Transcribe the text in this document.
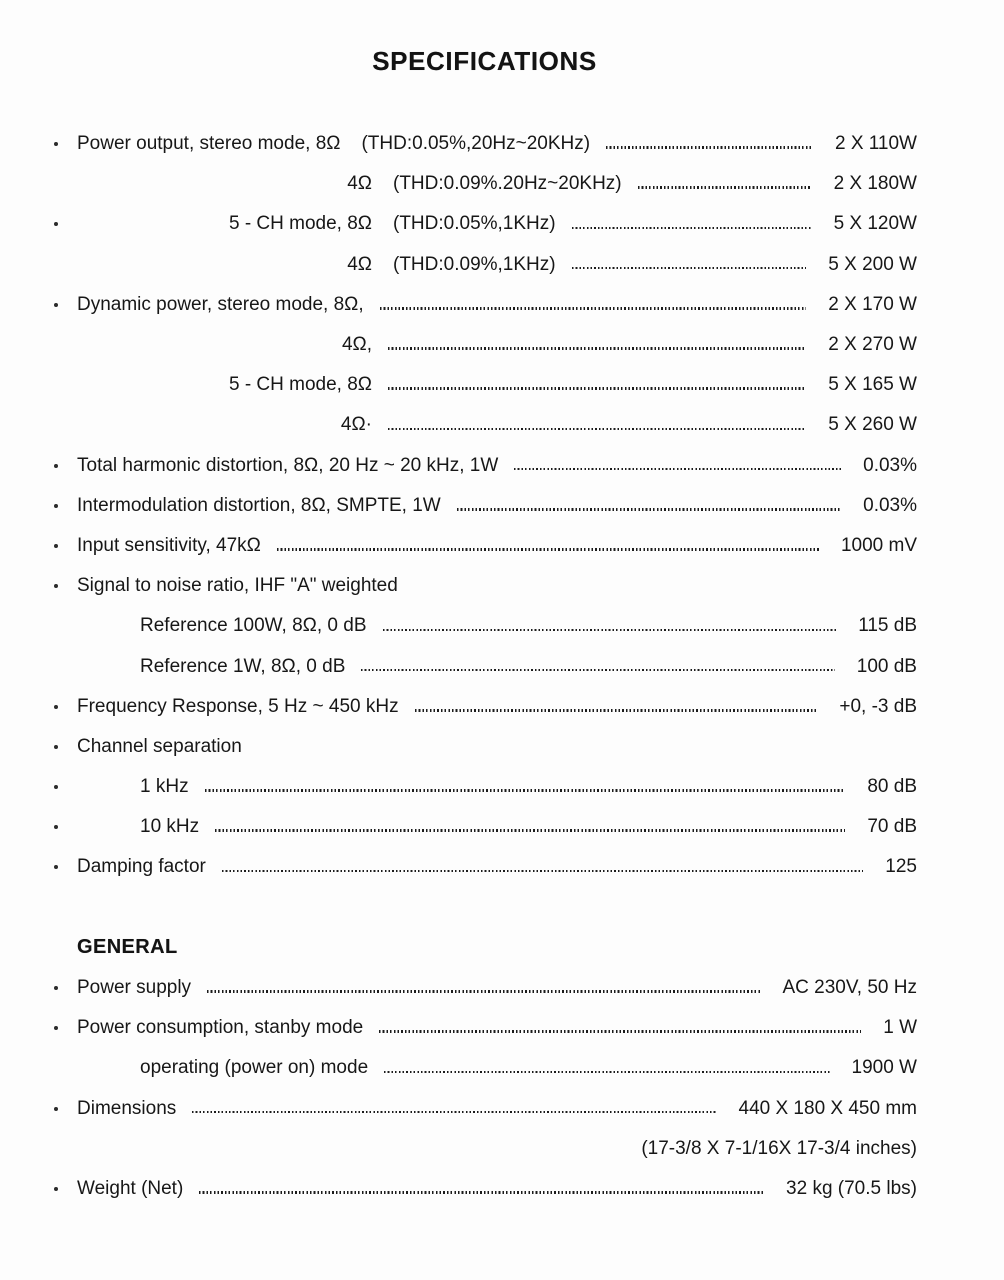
SPECIFICATIONS
Power output, stereo mode, 8Ω (THD:0.05%,20Hz~20KHz)	2 X 110W
4Ω (THD:0.09%.20Hz~20KHz)	2 X 180W
5 - CH mode, 8Ω (THD:0.05%,1KHz)	5 X 120W
4Ω (THD:0.09%,1KHz)	5 X 200 W
Dynamic power, stereo mode, 8Ω,	2 X 170 W
4Ω,	2 X 270 W
5 - CH mode, 8Ω	5 X 165 W
4Ω·	5 X 260 W
Total harmonic distortion, 8Ω, 20 Hz ~ 20 kHz, 1W	0.03%
Intermodulation distortion, 8Ω, SMPTE, 1W	0.03%
Input sensitivity, 47kΩ	1000 mV
Signal to noise ratio, IHF "A" weighted
Reference 100W, 8Ω, 0 dB	115 dB
Reference 1W, 8Ω, 0 dB	100 dB
Frequency Response, 5 Hz ~ 450 kHz	+0, -3 dB
Channel separation
1 kHz	80 dB
10 kHz	70 dB
Damping factor	125
GENERAL
Power supply	AC 230V, 50 Hz
Power consumption, stanby mode	1 W
operating (power on) mode	1900 W
Dimensions	440 X 180 X 450 mm
(17-3/8 X 7-1/16X 17-3/4 inches)
Weight (Net)	32 kg (70.5 lbs)
